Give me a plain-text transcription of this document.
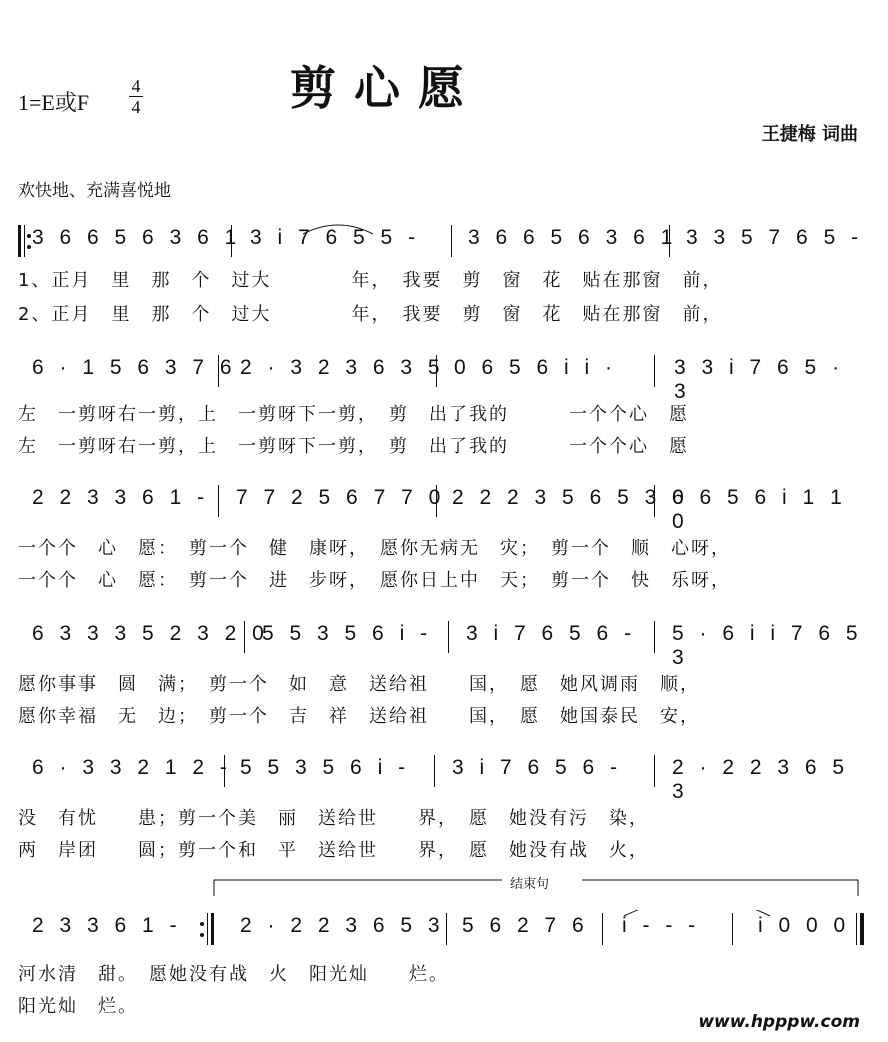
1=E或F
4
4	剪心愿
王捷梅 词曲
欢快地、充满喜悦地
3 6 6 5 6 3 6 1 3 i 7 6 5 5 - 3 6 6 5 6 3 6 1 3 3 5 7 6 5 -
1、正月　里　那　个　过大　　　　年，　我要　剪　窗　花　贴在那窗　前，
2、正月　里　那　个　过大　　　　年，　我要　剪　窗　花　贴在那窗　前，
6 · 1 5 6 3 7 6 2 · 3 2 3 6 3 5 0 6 5 6 i i ·	3 3 i 7 6 5 · 3
左　一剪呀右一剪，上　一剪呀下一剪，　剪　出了我的　　　一个个心　愿
左　一剪呀右一剪，上　一剪呀下一剪，　剪　出了我的　　　一个个心　愿
2 2 3 3 6 1 - 7 7 2 5 6 7 7 0 2 2 2 3 5 6 5 3 0
6 6 5 6 i 1 1 0
一个个　心　愿：　剪一个　健　康呀，　愿你无病无　灾；　剪一个　顺　心呀，
一个个　心　愿：　剪一个　进　步呀，　愿你日上中　天；　剪一个　快　乐呀，
6 3 3 3 5 2 3 2 0
5 5 3 5 6 i - 3 i 7 6 5 6 - 5 · 6 i i 7 6 5 3
愿你事事　圆　满；　剪一个　如　意　送给祖　　国，　愿　她风调雨　顺，
愿你幸福　无　边；　剪一个　吉　祥　送给祖　　国，　愿　她国泰民　安，
6 · 3 3 2 1 2 - 5 5 3 5 6 i - 3 i 7 6 5 6 - 2 · 2 2 3 6 5 3
没　有忧　　患；剪一个美　丽　送给世　　界，　愿　她没有污　染，
两　岸团　　圆；剪一个和　平　送给世　　界，　愿　她没有战　火，
结束句
2 3 3 6 1 -	2 · 2 2 3 6 5 3 5 6 2 7 6 i - - -	i 0 0 0
河水清　甜。　愿她没有战　火　阳光灿　　烂。
阳光灿　烂。
www.hpppw.com
